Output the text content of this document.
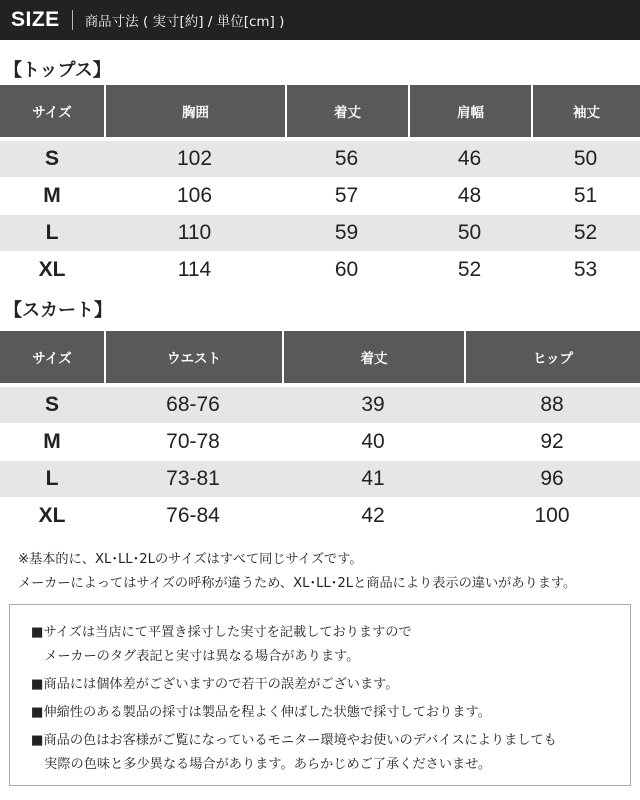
SIZE 商品寸法 ( 実寸[約] / 単位[cm] )
【トップス】
サイズ	胸囲	着丈	肩幅	袖丈
S	102	56	46	50
M	106	57	48	51
L	110	59	50	52
XL	114	60	52	53
【スカート】
サイズ	ウエスト	着丈	ヒップ
S	68-76	39	88
M	70-78	40	92
L	73-81	41	96
XL	76-84	42	100
※基本的に、XL･LL･2Lのサイズはすべて同じサイズです。
メーカーによってはサイズの呼称が違うため、XL･LL･2Lと商品により表示の違いがあります。
■サイズは当店にて平置き採寸した実寸を記載しておりますので
　メーカーのタグ表記と実寸は異なる場合があります。
■商品には個体差がございますので若干の誤差がございます。
■伸縮性のある製品の採寸は製品を程よく伸ばした状態で採寸しております。
■商品の色はお客様がご覧になっているモニター環境やお使いのデバイスによりましても
　実際の色味と多少異なる場合があります。あらかじめご了承くださいませ。
